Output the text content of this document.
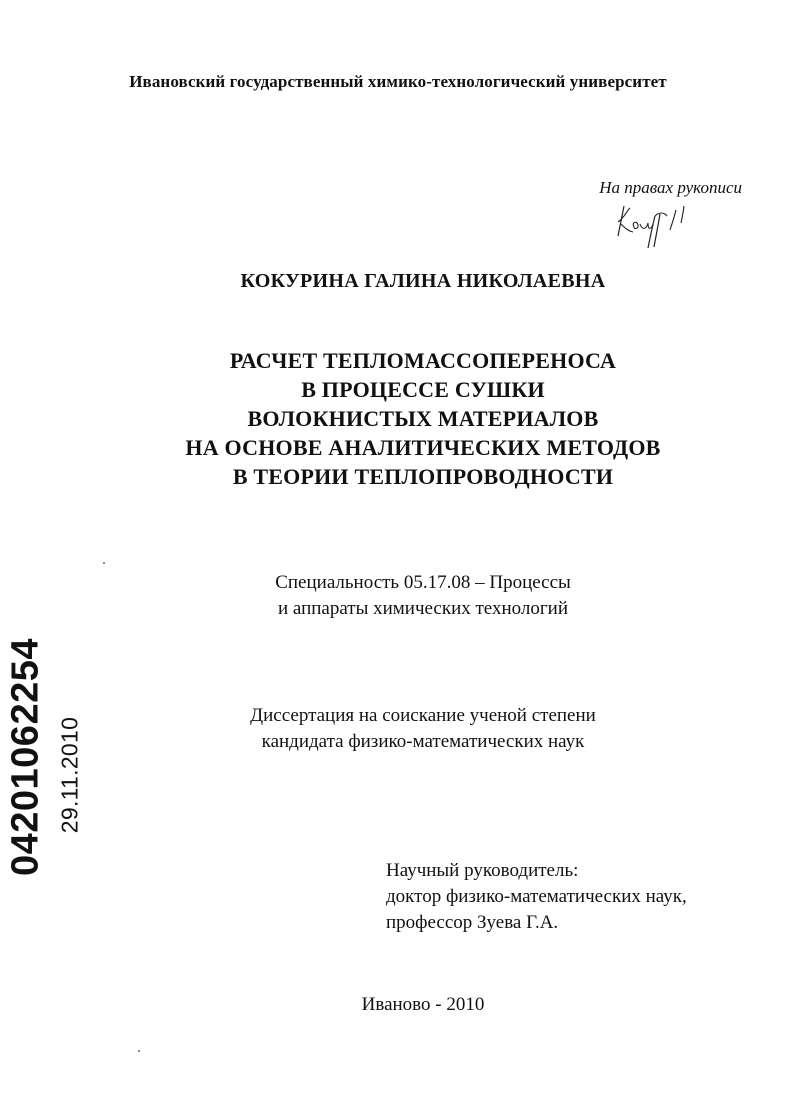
Ивановский государственный химико-технологический университет
На правах рукописи
КОКУРИНА ГАЛИНА НИКОЛАЕВНА
РАСЧЕТ ТЕПЛОМАССОПЕРЕНОСА
В ПРОЦЕССЕ СУШКИ
ВОЛОКНИСТЫХ МАТЕРИАЛОВ
НА ОСНОВЕ АНАЛИТИЧЕСКИХ МЕТОДОВ
В ТЕОРИИ ТЕПЛОПРОВОДНОСТИ
Специальность 05.17.08 – Процессы
и аппараты химических технологий
Диссертация на соискание ученой степени
кандидата физико-математических наук
Научный руководитель:
доктор физико-математических наук,
профессор Зуева Г.А.
Иваново - 2010
04201062254 29.11.2010
